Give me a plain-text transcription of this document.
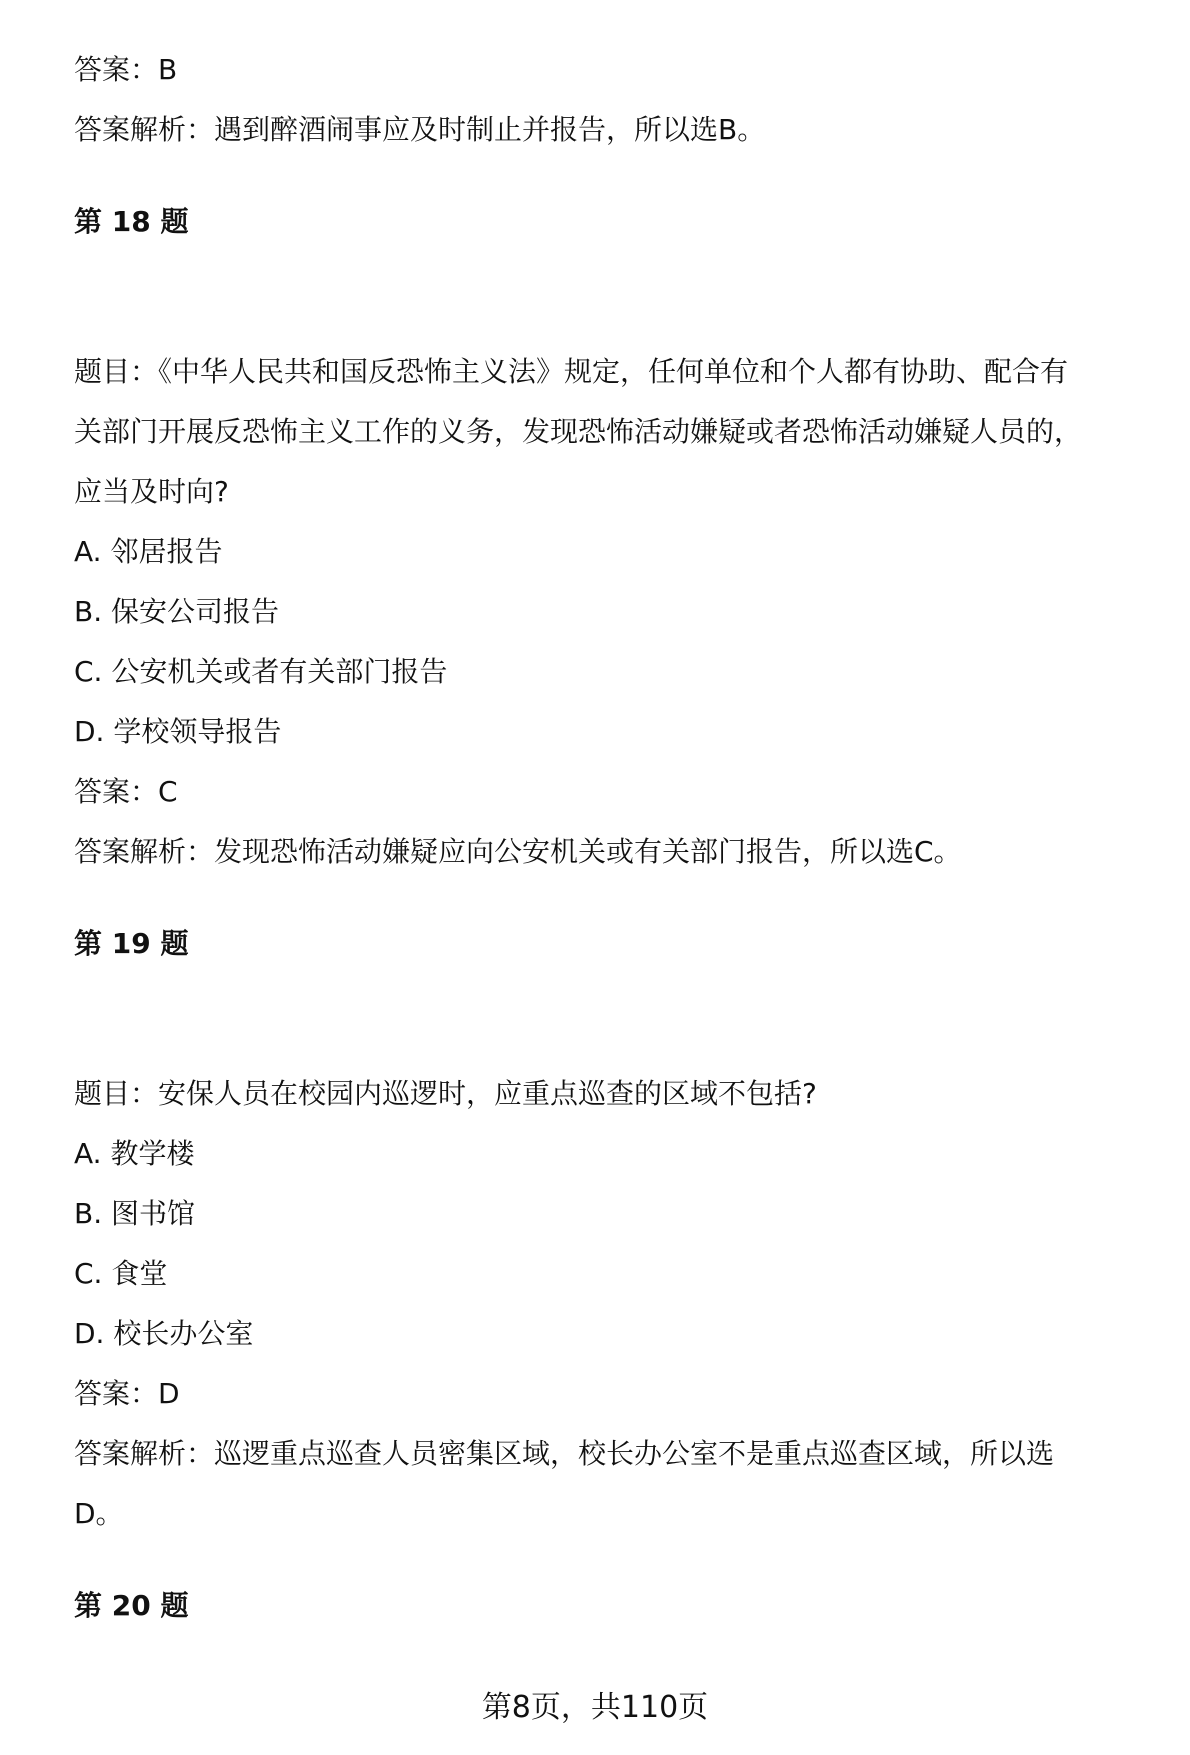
答案：B
答案解析：遇到醉酒闹事应及时制止并报告，所以选B。
第 18 题
题目：《中华人民共和国反恐怖主义法》规定，任何单位和个人都有协助、配合有
关部门开展反恐怖主义工作的义务，发现恐怖活动嫌疑或者恐怖活动嫌疑人员的，
应当及时向?
A. 邻居报告
B. 保安公司报告
C. 公安机关或者有关部门报告
D. 学校领导报告
答案：C
答案解析：发现恐怖活动嫌疑应向公安机关或有关部门报告，所以选C。
第 19 题
题目：安保人员在校园内巡逻时，应重点巡查的区域不包括?
A. 教学楼
B. 图书馆
C. 食堂
D. 校长办公室
答案：D
答案解析：巡逻重点巡查人员密集区域，校长办公室不是重点巡查区域，所以选
D。
第 20 题
第8页，共110页
